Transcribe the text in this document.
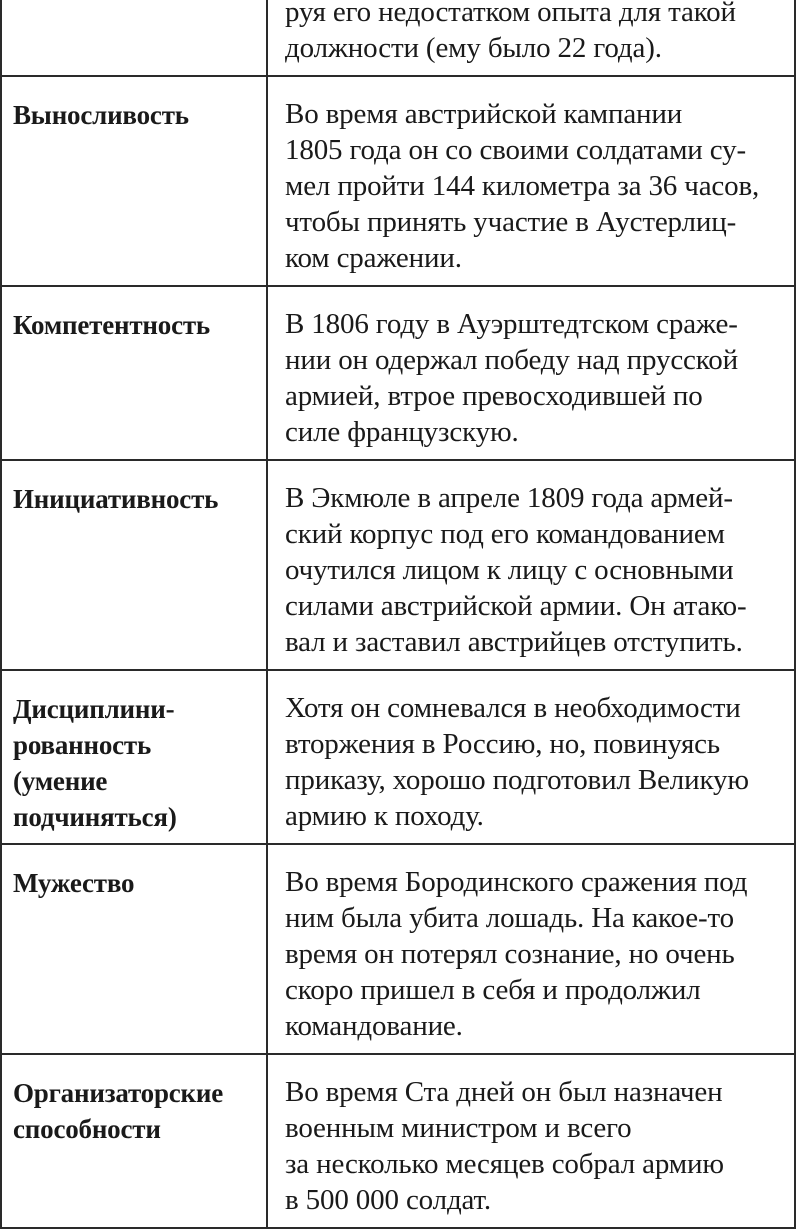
	руя его недостатком опыта для такой
должности (ему было 22 года).
Выносливость	Во время австрийской кампании
1805 года он со своими солдатами су-
мел пройти 144 километра за 36 часов,
чтобы принять участие в Аустерлиц-
ком сражении.
Компетентность	В 1806 году в Ауэрштедтском сраже-
нии он одержал победу над прусской
армией, втрое превосходившей по
силе французскую.
Инициативность	В Экмюле в апреле 1809 года армей-
ский корпус под его командованием
очутился лицом к лицу с основными
силами австрийской армии. Он атако-
вал и заставил австрийцев отступить.
Дисциплини-
рованность
(умение
подчиняться)	Хотя он сомневался в необходимости
вторжения в Россию, но, повинуясь
приказу, хорошо подготовил Великую
армию к походу.
Мужество	Во время Бородинского сражения под
ним была убита лошадь. На какое-то
время он потерял сознание, но очень
скоро пришел в себя и продолжил
командование.
Организаторские
способности	Во время Ста дней он был назначен
военным министром и всего
за несколько месяцев собрал армию
в 500 000 солдат.
